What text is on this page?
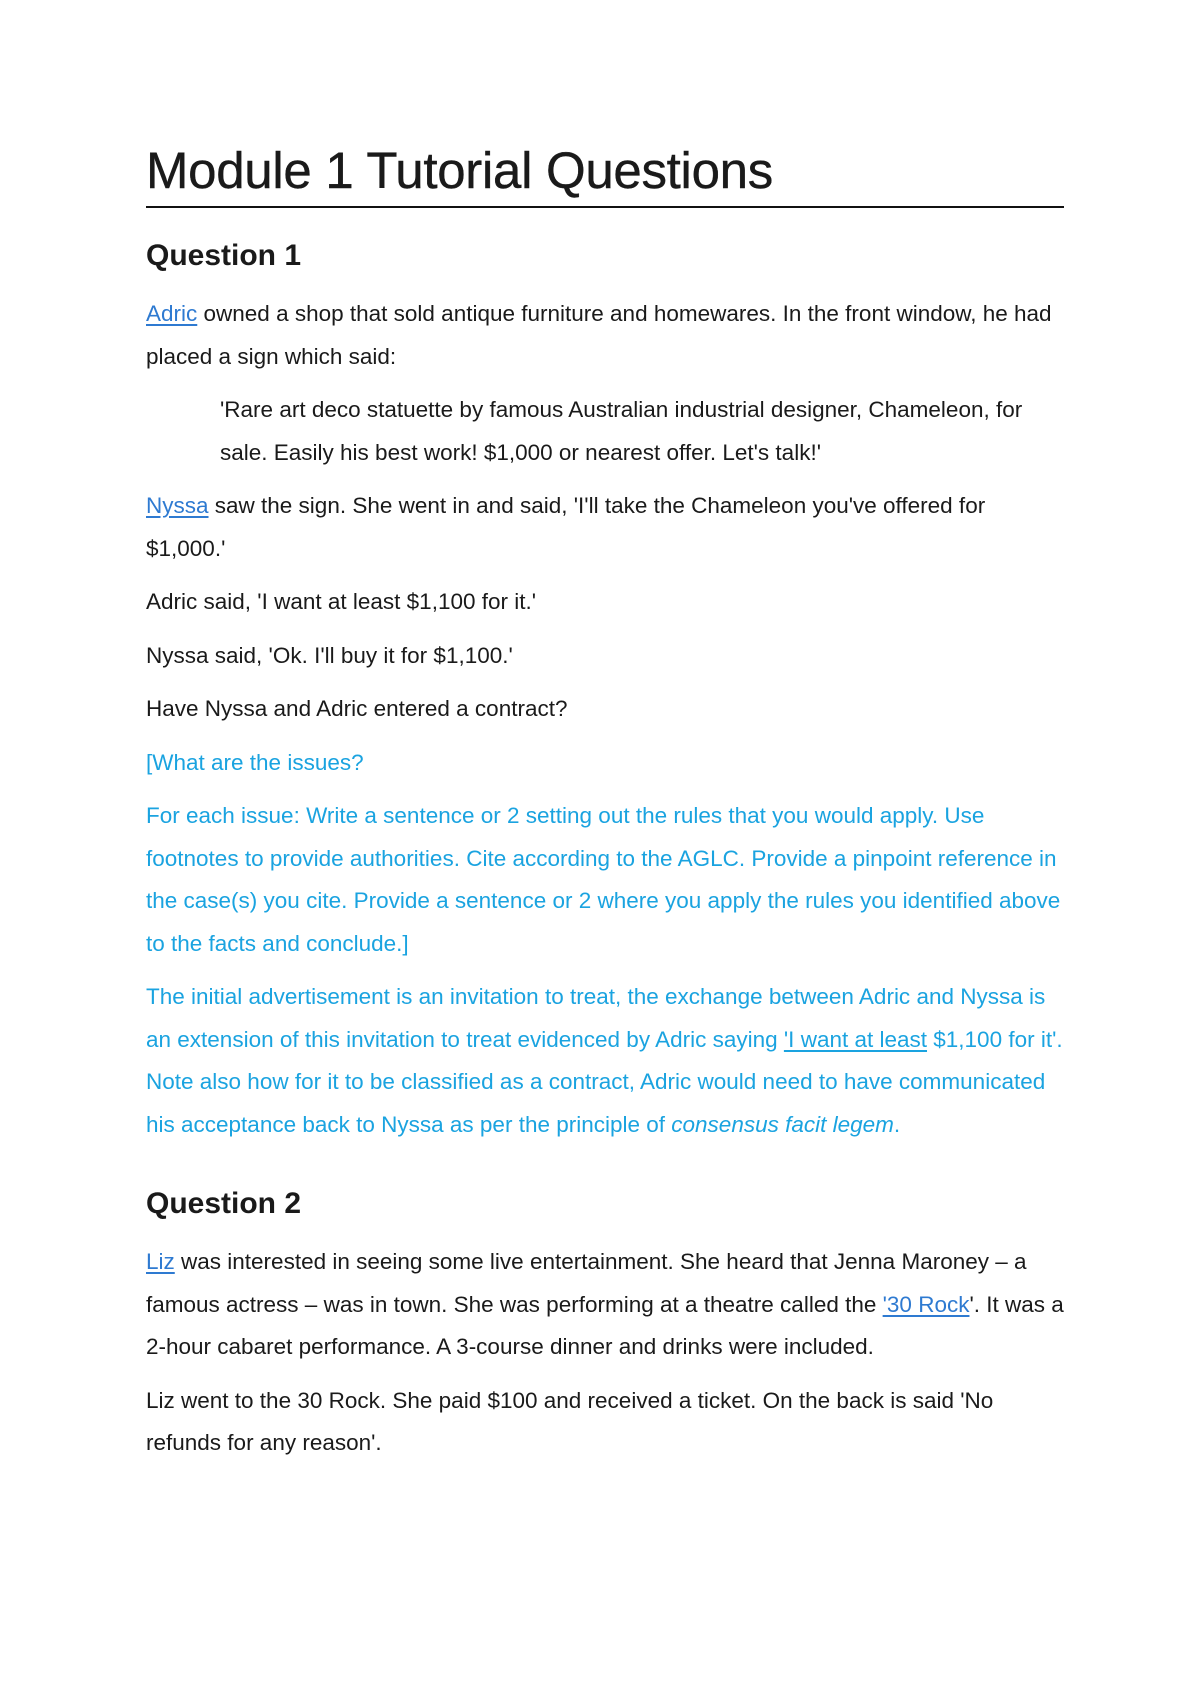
Module 1 Tutorial Questions
Question 1

Adric owned a shop that sold antique furniture and homewares. In the front window, he had placed a sign which said:

'Rare art deco statuette by famous Australian industrial designer, Chameleon, for sale. Easily his best work! $1,000 or nearest offer. Let's talk!'

Nyssa saw the sign. She went in and said, 'I'll take the Chameleon you've offered for $1,000.'

Adric said, 'I want at least $1,100 for it.'

Nyssa said, 'Ok. I'll buy it for $1,100.'

Have Nyssa and Adric entered a contract?

[What are the issues?

For each issue: Write a sentence or 2 setting out the rules that you would apply. Use footnotes to provide authorities. Cite according to the AGLC. Provide a pinpoint reference in the case(s) you cite. Provide a sentence or 2 where you apply the rules you identified above to the facts and conclude.]

The initial advertisement is an invitation to treat, the exchange between Adric and Nyssa is an extension of this invitation to treat evidenced by Adric saying 'I want at least $1,100 for it'. Note also how for it to be classified as a contract, Adric would need to have communicated his acceptance back to Nyssa as per the principle of consensus facit legem.

Question 2

Liz was interested in seeing some live entertainment. She heard that Jenna Maroney – a famous actress – was in town. She was performing at a theatre called the '30 Rock'. It was a 2-hour cabaret performance. A 3-course dinner and drinks were included.

Liz went to the 30 Rock. She paid $100 and received a ticket. On the back is said 'No refunds for any reason'.
